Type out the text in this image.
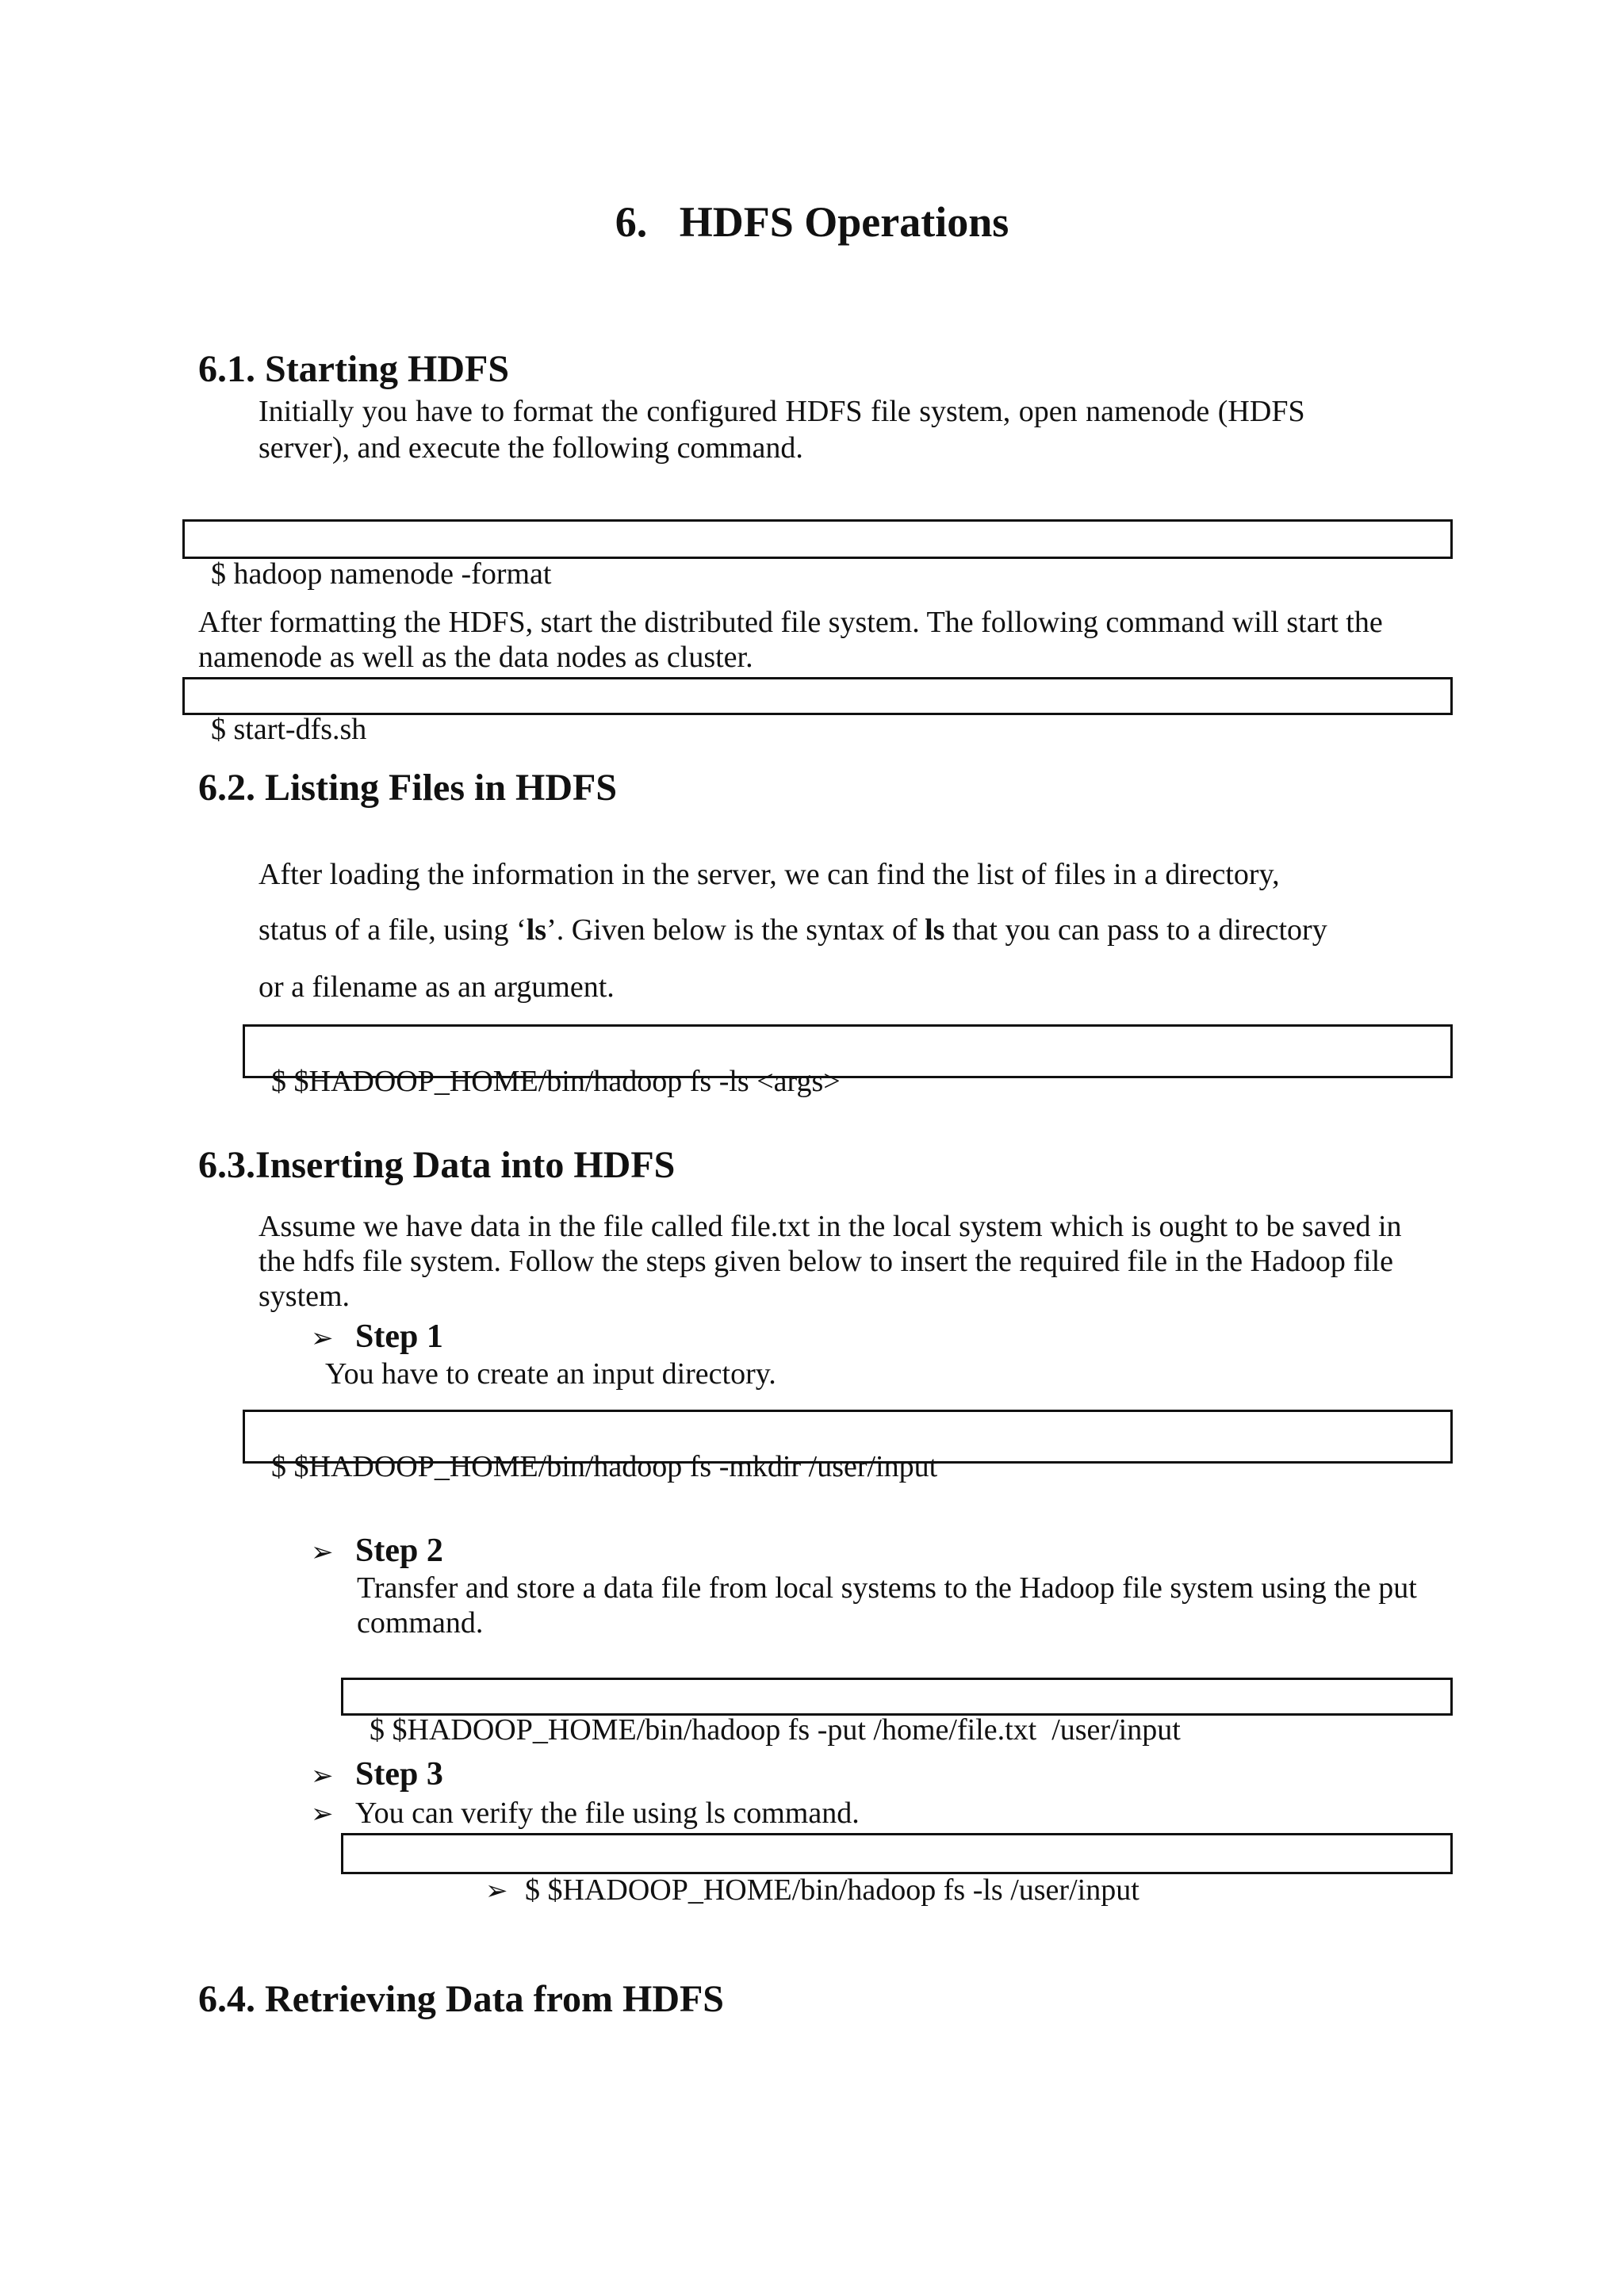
6. HDFS Operations
6.1. Starting HDFS
Initially you have to format the configured HDFS file system, open namenode (HDFS
server), and execute the following command.

$ hadoop namenode -format

After formatting the HDFS, start the distributed file system. The following command will start the
namenode as well as the data nodes as cluster.

$ start-dfs.sh

6.2. Listing Files in HDFS
After loading the information in the server, we can find the list of files in a directory,
status of a file, using ‘ls’. Given below is the syntax of ls that you can pass to a directory
or a filename as an argument.

$ $HADOOP_HOME/bin/hadoop fs -ls <args>

6.3.Inserting Data into HDFS
Assume we have data in the file called file.txt in the local system which is ought to be saved in
the hdfs file system. Follow the steps given below to insert the required file in the Hadoop file
system.
➢ Step 1
You have to create an input directory.

$ $HADOOP_HOME/bin/hadoop fs -mkdir /user/input

➢ Step 2
Transfer and store a data file from local systems to the Hadoop file system using the put
command.

$ $HADOOP_HOME/bin/hadoop fs -put /home/file.txt  /user/input

➢ Step 3
➢ You can verify the file using ls command.

➢ $ $HADOOP_HOME/bin/hadoop fs -ls /user/input

6.4. Retrieving Data from HDFS
